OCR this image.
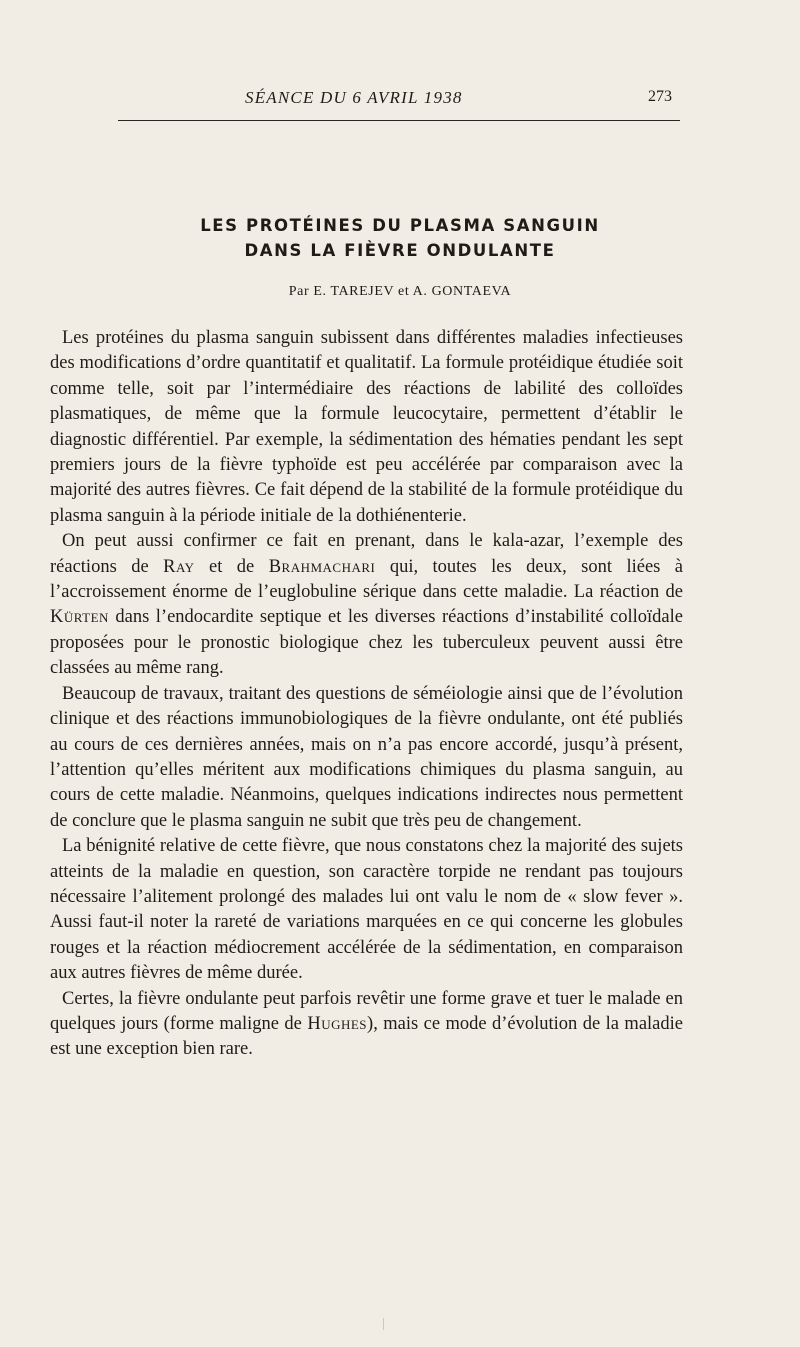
SÉANCE DU 6 AVRIL 1938	273
LES PROTÉINES DU PLASMA SANGUIN
DANS LA FIÈVRE ONDULANTE
Par E. TAREJEV et A. GONTAEVA

Les protéines du plasma sanguin subissent dans différentes maladies infectieuses des modifications d’ordre quantitatif et qualitatif. La formule protéidique étudiée soit comme telle, soit par l’intermédiaire des réactions de labilité des colloïdes plasmatiques, de même que la formule leucocytaire, permettent d’établir le diagnostic différentiel. Par exemple, la sédimentation des hématies pendant les sept premiers jours de la fièvre typhoïde est peu accélérée par comparaison avec la majorité des autres fièvres. Ce fait dépend de la stabilité de la formule protéidique du plasma sanguin à la période initiale de la dothiénenterie.

On peut aussi confirmer ce fait en prenant, dans le kala-azar, l’exemple des réactions de Ray et de Brahmachari qui, toutes les deux, sont liées à l’accroissement énorme de l’euglobuline sérique dans cette maladie. La réaction de Kürten dans l’endocardite septique et les diverses réactions d’instabilité colloïdale proposées pour le pronostic biologique chez les tuberculeux peuvent aussi être classées au même rang.

Beaucoup de travaux, traitant des questions de séméiologie ainsi que de l’évolution clinique et des réactions immunobiologiques de la fièvre ondulante, ont été publiés au cours de ces dernières années, mais on n’a pas encore accordé, jusqu’à présent, l’attention qu’elles méritent aux modifications chimiques du plasma sanguin, au cours de cette maladie. Néanmoins, quelques indications indirectes nous permettent de conclure que le plasma sanguin ne subit que très peu de changement.

La bénignité relative de cette fièvre, que nous constatons chez la majorité des sujets atteints de la maladie en question, son caractère torpide ne rendant pas toujours nécessaire l’alitement prolongé des malades lui ont valu le nom de « slow fever ». Aussi faut-il noter la rareté de variations marquées en ce qui concerne les globules rouges et la réaction médiocrement accélérée de la sédimentation, en comparaison aux autres fièvres de même durée.

Certes, la fièvre ondulante peut parfois revêtir une forme grave et tuer le malade en quelques jours (forme maligne de Hughes), mais ce mode d’évolution de la maladie est une exception bien rare.
